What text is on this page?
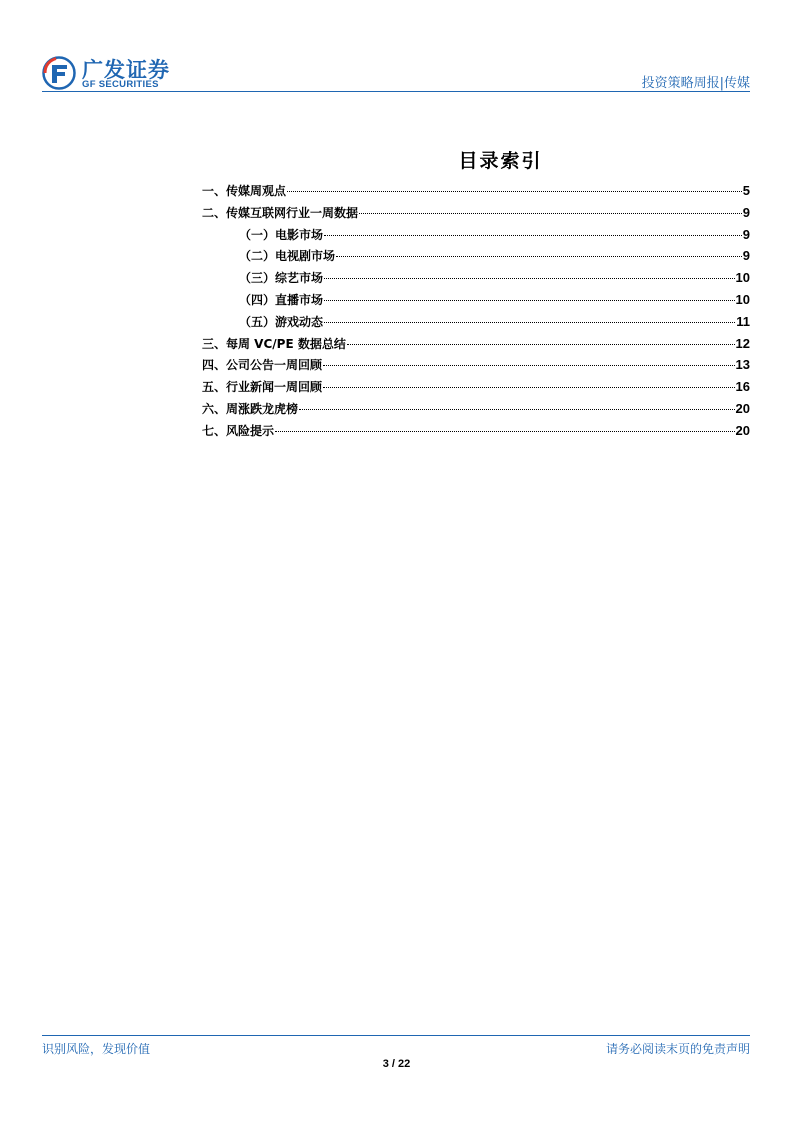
广发证券
GF SECURITIES	投资策略周报|传媒
目录索引
一、传媒周观点	5
二、传媒互联网行业一周数据	9
（一）电影市场	9
（二）电视剧市场	9
（三）综艺市场	10
（四）直播市场	10
（五）游戏动态	11
三、每周 VC/PE 数据总结	12
四、公司公告一周回顾	13
五、行业新闻一周回顾	16
六、周涨跌龙虎榜	20
七、风险提示	20
识别风险，发现价值	请务必阅读末页的免责声明
3 / 22
